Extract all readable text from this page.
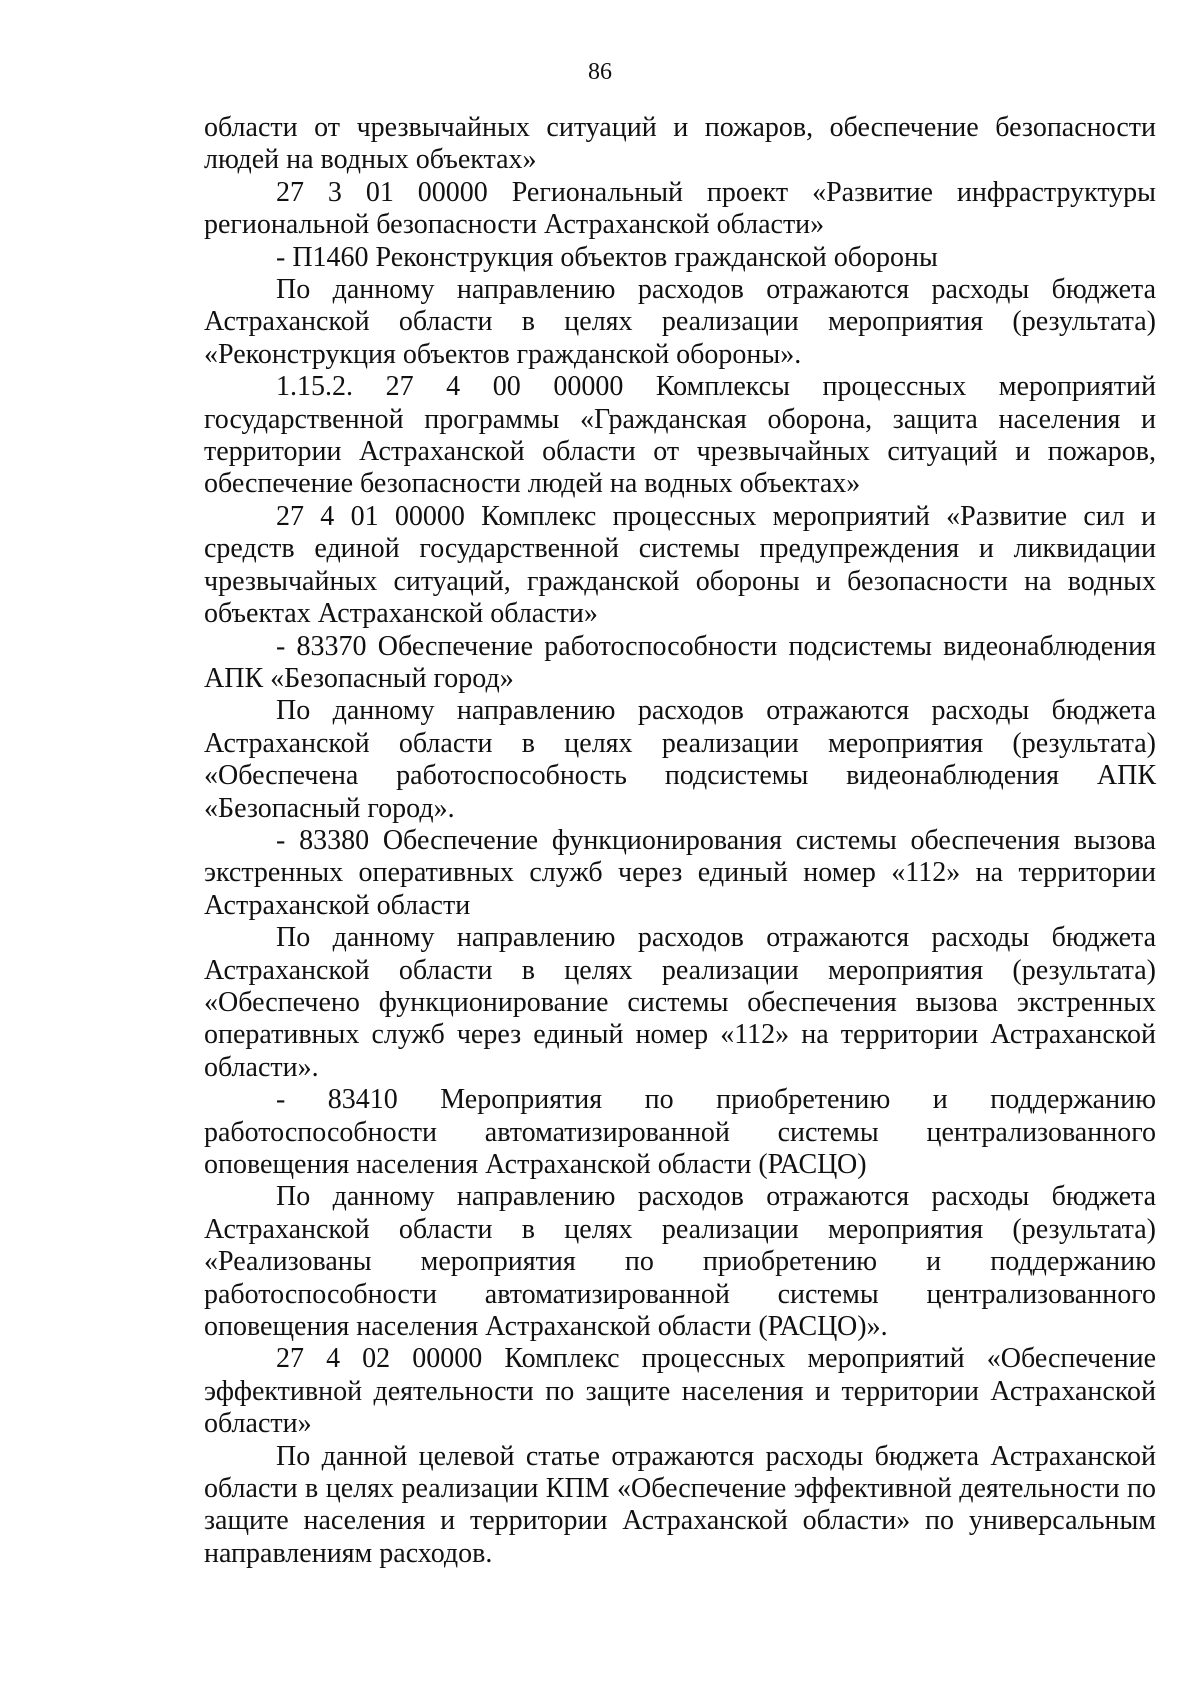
86

области от чрезвычайных ситуаций и пожаров, обеспечение безопасности людей на водных объектах»

27 3 01 00000 Региональный проект «Развитие инфраструктуры региональной безопасности Астраханской области»

- П1460 Реконструкция объектов гражданской обороны

По данному направлению расходов отражаются расходы бюджета Астраханской области в целях реализации мероприятия (результата) «Реконструкция объектов гражданской обороны».

1.15.2. 27 4 00 00000 Комплексы процессных мероприятий государственной программы «Гражданская оборона, защита населения и территории Астраханской области от чрезвычайных ситуаций и пожаров, обеспечение безопасности людей на водных объектах»

27 4 01 00000 Комплекс процессных мероприятий «Развитие сил и средств единой государственной системы предупреждения и ликвидации чрезвычайных ситуаций, гражданской обороны и безопасности на водных объектах Астраханской области»

- 83370 Обеспечение работоспособности подсистемы видеонаблюдения АПК «Безопасный город»

По данному направлению расходов отражаются расходы бюджета Астраханской области в целях реализации мероприятия (результата) «Обеспечена работоспособность подсистемы видеонаблюдения АПК «Безопасный город».

- 83380 Обеспечение функционирования системы обеспечения вызова экстренных оперативных служб через единый номер «112» на территории Астраханской области

По данному направлению расходов отражаются расходы бюджета Астраханской области в целях реализации мероприятия (результата) «Обеспечено функционирование системы обеспечения вызова экстренных оперативных служб через единый номер «112» на территории Астраханской области».

- 83410 Мероприятия по приобретению и поддержанию работоспособности автоматизированной системы централизованного оповещения населения Астраханской области (РАСЦО)

По данному направлению расходов отражаются расходы бюджета Астраханской области в целях реализации мероприятия (результата) «Реализованы мероприятия по приобретению и поддержанию работоспособности автоматизированной системы централизованного оповещения населения Астраханской области (РАСЦО)».

27 4 02 00000 Комплекс процессных мероприятий «Обеспечение эффективной деятельности по защите населения и территории Астраханской области»

По данной целевой статье отражаются расходы бюджета Астраханской области в целях реализации КПМ «Обеспечение эффективной деятельности по защите населения и территории Астраханской области» по универсальным направлениям расходов.
